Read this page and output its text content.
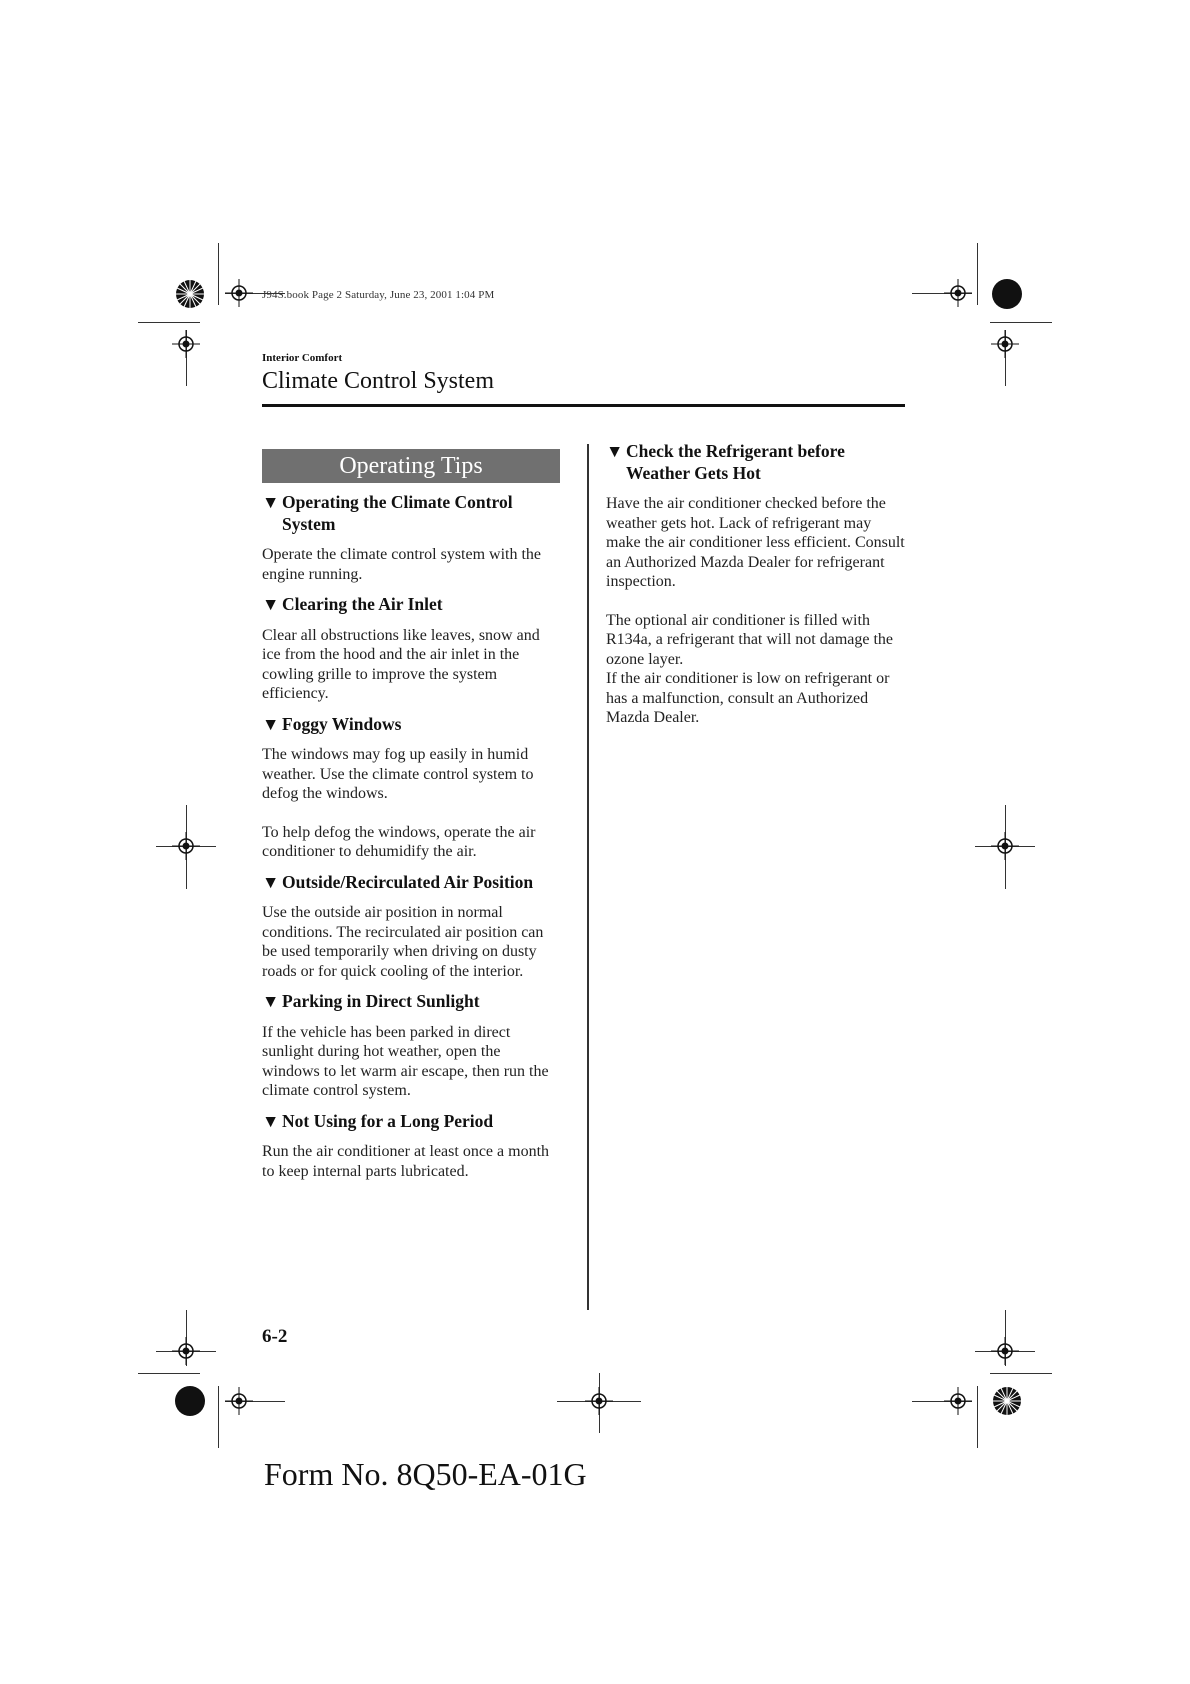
J94S.book Page 2 Saturday, June 23, 2001 1:04 PM
Interior Comfort
Climate Control System
Operating Tips
▼ Operating the Climate Control System

Operate the climate control system with the engine running.

▼ Clearing the Air Inlet

Clear all obstructions like leaves, snow and ice from the hood and the air inlet in the cowling grille to improve the system efficiency.

▼ Foggy Windows

The windows may fog up easily in humid weather. Use the climate control system to defog the windows.

To help defog the windows, operate the air conditioner to dehumidify the air.

▼ Outside/Recirculated Air Position

Use the outside air position in normal conditions. The recirculated air position can be used temporarily when driving on dusty roads or for quick cooling of the interior.

▼ Parking in Direct Sunlight

If the vehicle has been parked in direct sunlight during hot weather, open the windows to let warm air escape, then run the climate control system.

▼ Not Using for a Long Period

Run the air conditioner at least once a month to keep internal parts lubricated.

▼ Check the Refrigerant before Weather Gets Hot

Have the air conditioner checked before the weather gets hot. Lack of refrigerant may make the air conditioner less efficient. Consult an Authorized Mazda Dealer for refrigerant inspection.

The optional air conditioner is filled with R134a, a refrigerant that will not damage the ozone layer.

If the air conditioner is low on refrigerant or has a malfunction, consult an Authorized Mazda Dealer.

6-2
Form No. 8Q50-EA-01G
